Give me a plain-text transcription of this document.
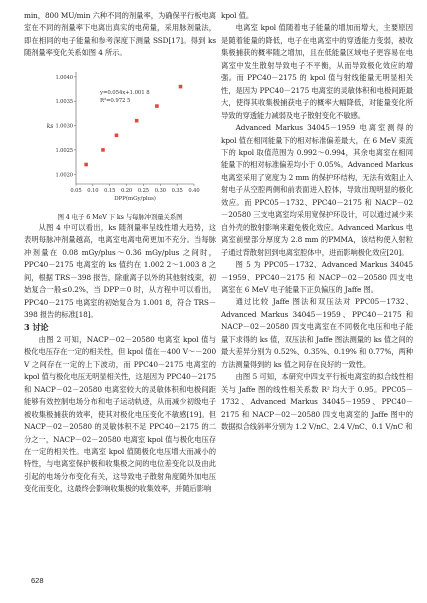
min，800 MU/min 六种不同的剂量率，为确保平行板电离室在不同的剂量率下电离出真实的电荷量，采用脉剂量法，即在相同的电子能量和参考深度下测量 SSD[17]。得到 ks 随剂量率变化关系如图 4 所示。

1.0020
1.0025
1.0030
1.0035
1.0040
0.05 0.10 0.15 0.20 0.25 0.30 0.35 0.40
DPP(mGy/plus)
ks
y=0.054x+1.001 8
R²=0.972 5

图 4 电子 6 MeV 下 ks 与每脉冲剂量关系图

从图 4 中可以看出，ks 随剂量率呈线性增大趋势，这表明每脉冲剂量越高，电离室电离电荷更加不充分。当每脉冲剂量在 0.08 mGy/plus～0.36 mGy/plus 之间时，PPC40－2175 电离室的 ks 值约在 1.002 2～1.003 8 之间，根据 TRS－398 报告，除重离子以外的其他射线束，初始复合一般≤0.2%，当 DPP＝0 时，从方程中可以看出，PPC40－2175 电离室的初始复合为 1.001 8，符合 TRS－398 报告的标准[18]。

3 讨论

由图 2 可知，NACP－02－20580 电离室 kpol 值与极化电压存在一定的相关性，但 kpol 值在－400 V～－200 V 之间存在一定的上下波动，而 PPC40－2175 电离室的 kpol 值与极化电压无明显相关性，这是因为 PPC40－2175 和 NACP－02－20580 电离室较大的灵敏体积和电极间距能够有效控制电场分布和电子运动轨迹，从而减少初级电子被收集极捕获的效率，使其对极化电压变化不敏感[19]。但 NACP－02－20580 的灵敏体积不足 PPC40－2175 的二分之一，NACP－02－20580 电离室 kpol 值与极化电压存在一定的相关性。电离室 kpol 值随极化电压增大而减小的特性，与电离室保护极和收集极之间的电位差变化以及由此引起的电场分布变化有关，这导致电子散射角度随外加电压变化而变化，这最终会影响收集极的收集效率，并随后影响

kpol 值。

电离室 kpol 值随着电子能量的增加而增大，主要原因是随着能量的降低，电子在电离室中的穿透能力变弱，被收集极捕获的概率随之增加，且在低能量区域电子更容易在电离室中发生散射导致电子不平衡，从而导致极化效应的增强。而 PPC40－2175 的 kpol 值与射线能量无明显相关性，是因为 PPC40－2175 电离室的灵敏体积和电极间距最大，使得其收集极捕获电子的概率大幅降低，对能量变化所导致的穿透能力减弱及电子散射变化不敏感。

Advanced Markus 34045－1959 电离室测得的 kpol 值在相同能量下的相对标准偏差最大，在 6 MeV 束流下的 kpol 取值范围为 0.992～0.994，其余电离室在相同能量下的相对标准偏差均小于 0.05%。Advanced Markus 电离室采用了宽度为 2 mm 的保护环结构，无法有效阻止入射电子从空腔两侧和前表面进入腔体，导致出现明显的极化效应。而 PPC05－1732、PPC40－2175 和 NACP－02－20580 三支电离室均采用宽保护环设计，可以通过减少来自外壳的散射影响来避免极化效应。Advanced Markus 电离室前壁部分厚度为 2.8 mm 的PMMA，该结构使入射粒子通过背散射回到电离室腔体中，进而影响极化效应[20]。

图 5 为 PPC05－1732、Advanced Markus 34045－1959、PPC40－2175 和 NACP－02－20580 四支电离室在 6 MeV 电子能量下正负偏压的 Jaffe 图。

通过比较 Jaffe 图法和双压法对 PPC05－1732、Advanced Markus 34045－1959、PPC40－2175 和 NACP－02－20580 四支电离室在不同极化电压和电子能量下求得的 ks 值，双压法和 Jaffe 图法测量的 ks 值之间的最大差异分别为 0.52%、0.35%、0.19% 和 0.77%，两种方法测量得到的 ks 值之间存在良好的一致性。

由图 5 可知，本研究中四支平行板电离室的拟合线性相关与 Jaffe 图的线性相关系数 R² 均大于 0.95。PPC05－1732、Advanced Markus 34045－1959、PPC40－2175 和 NACP－02－20580 四支电离室的 Jaffe 图中的数据拟合线斜率分别为 1.2 V/nC、2.4 V/nC、0.1 V/nC 和

628
